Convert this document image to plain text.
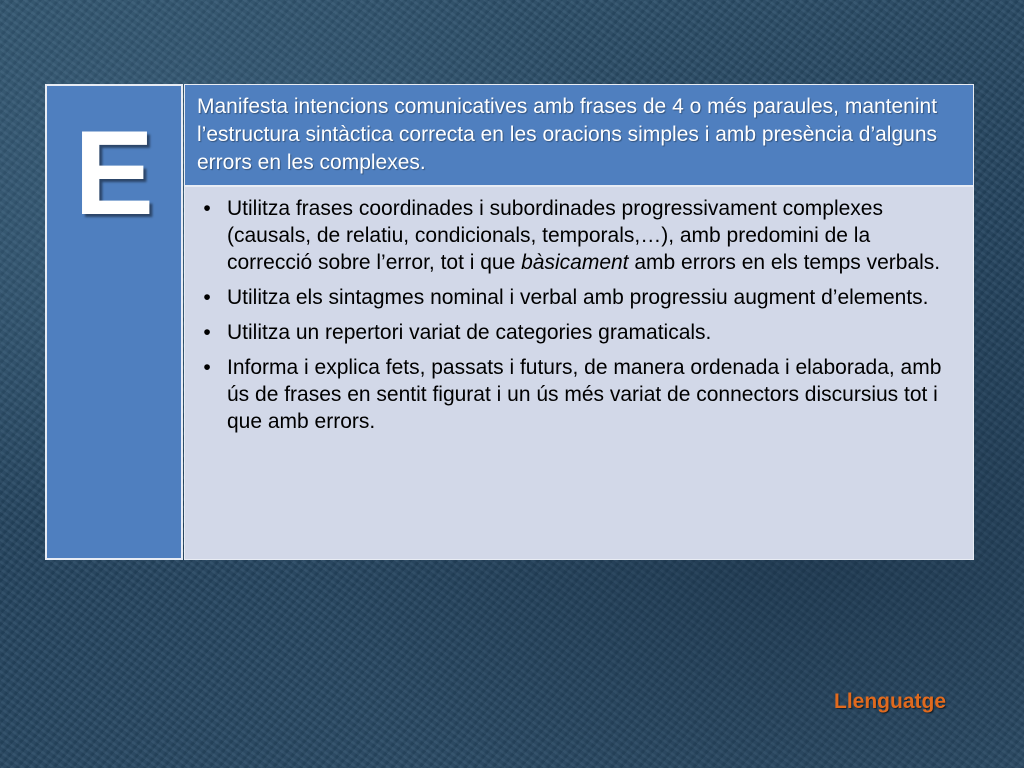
E	Manifesta intencions comunicatives amb frases de 4 o més paraules, mantenint l’estructura sintàctica correcta en les oracions simples i amb presència d’alguns errors en les complexes.
• Utilitza frases coordinades i subordinades progressivament complexes (causals, de relatiu, condicionals, temporals,…), amb predomini de la correcció sobre l’error, tot i que bàsicament amb errors en els temps verbals.
• Utilitza els sintagmes nominal i verbal amb progressiu augment d’elements.
• Utilitza un repertori variat de categories gramaticals.
• Informa i explica fets, passats i futurs, de manera ordenada i elaborada, amb ús de frases en sentit figurat i un ús més variat de connectors discursius tot i que amb errors.
Llenguatge
